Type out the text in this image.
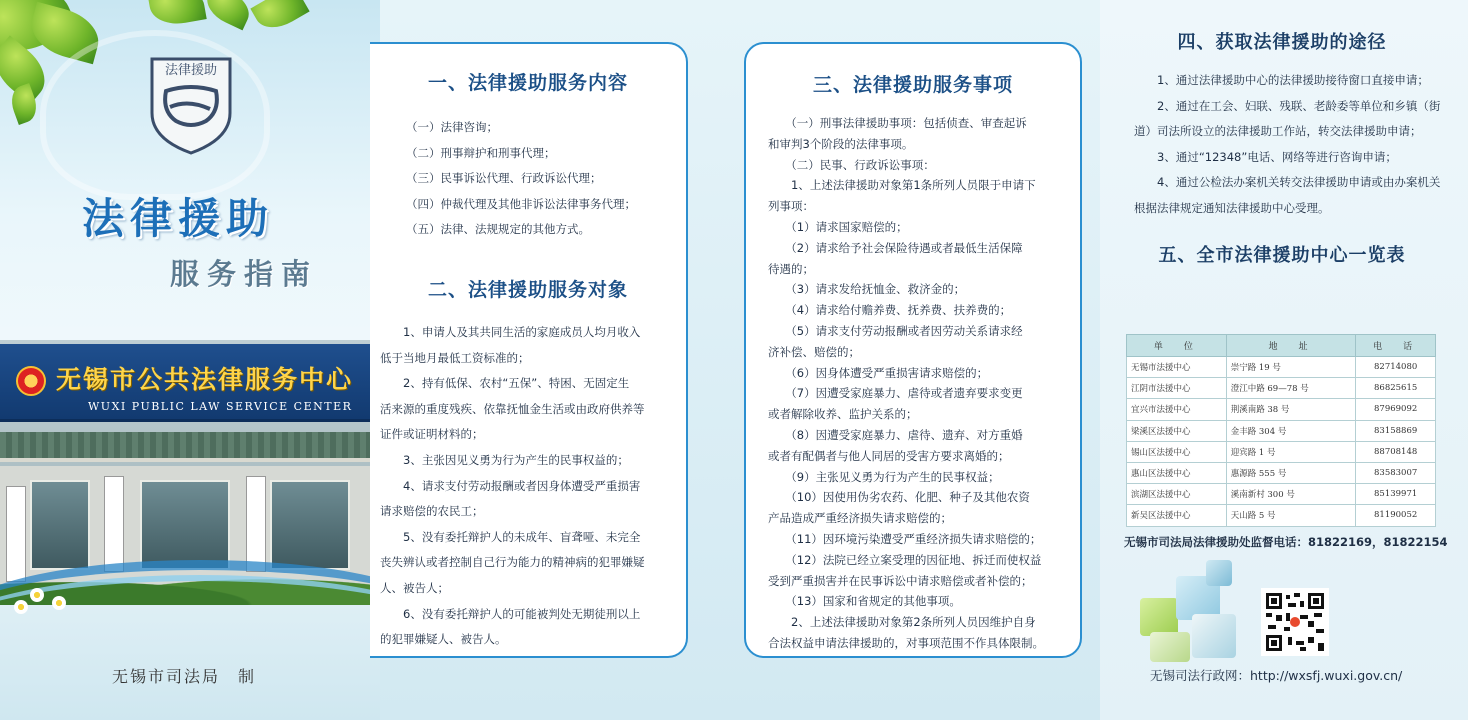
法律援助
法律援助
服务指南
无锡市公共法律服务中心
WUXI PUBLIC LAW SERVICE CENTER
无锡市司法局　制
一、法律援助服务内容
（一）法律咨询；
（二）刑事辩护和刑事代理；
（三）民事诉讼代理、行政诉讼代理；
（四）仲裁代理及其他非诉讼法律事务代理；
（五）法律、法规规定的其他方式。
二、法律援助服务对象
　　1、申请人及其共同生活的家庭成员人均月收入
低于当地月最低工资标准的；
　　2、持有低保、农村“五保”、特困、无固定生
活来源的重度残疾、依靠抚恤金生活或由政府供养等
证件或证明材料的；
　　3、主张因见义勇为行为产生的民事权益的；
　　4、请求支付劳动报酬或者因身体遭受严重损害
请求赔偿的农民工；
　　5、没有委托辩护人的未成年、盲聋哑、未完全
丧失辨认或者控制自己行为能力的精神病的犯罪嫌疑
人、被告人；
　　6、没有委托辩护人的可能被判处无期徒刑以上
的犯罪嫌疑人、被告人。
三、法律援助服务事项
　　（一）刑事法律援助事项：包括侦查、审查起诉
和审判3个阶段的法律事项。
　　（二）民事、行政诉讼事项：
　　1、上述法律援助对象第1条所列人员限于申请下
列事项：
　　（1）请求国家赔偿的；
　　（2）请求给予社会保险待遇或者最低生活保障
待遇的；
　　（3）请求发给抚恤金、救济金的；
　　（4）请求给付赡养费、抚养费、扶养费的；
　　（5）请求支付劳动报酬或者因劳动关系请求经
济补偿、赔偿的；
　　（6）因身体遭受严重损害请求赔偿的；
　　（7）因遭受家庭暴力、虐待或者遗弃要求变更
或者解除收养、监护关系的；
　　（8）因遭受家庭暴力、虐待、遗弃、对方重婚
或者有配偶者与他人同居的受害方要求离婚的；
　　（9）主张见义勇为行为产生的民事权益；
　　（10）因使用伪劣农药、化肥、种子及其他农资
产品造成严重经济损失请求赔偿的；
　　（11）因环境污染遭受严重经济损失请求赔偿的；
　　（12）法院已经立案受理的因征地、拆迁而使权益
受到严重损害并在民事诉讼中请求赔偿或者补偿的；
　　（13）国家和省规定的其他事项。
　　2、上述法律援助对象第2条所列人员因维护自身
合法权益申请法律援助的，对事项范围不作具体限制。
四、获取法律援助的途径
　　1、通过法律援助中心的法律援助接待窗口直接申请；
　　2、通过在工会、妇联、残联、老龄委等单位和乡镇（街道）司法所设立的法律援助工作站，转交法律援助申请；
　　3、通过“12348”电话、网络等进行咨询申请；
　　4、通过公检法办案机关转交法律援助申请或由办案机关根据法律规定通知法律援助中心受理。
五、全市法律援助中心一览表
单　位	地　址	电　话
无锡市法援中心	崇宁路 19 号	82714080
江阴市法援中心	澄江中路 69—78 号	86825615
宜兴市法援中心	荆溪南路 38 号	87969092
梁溪区法援中心	金丰路 304 号	83158869
锡山区法援中心	迎宾路 1 号	88708148
惠山区法援中心	惠源路 555 号	83583007
滨湖区法援中心	溪南新村 300 号	85139971
新吴区法援中心	天山路 5 号	81190052
无锡市司法局法律援助处监督电话：81822169，81822154
无锡司法行政网：http://wxsfj.wuxi.gov.cn/
